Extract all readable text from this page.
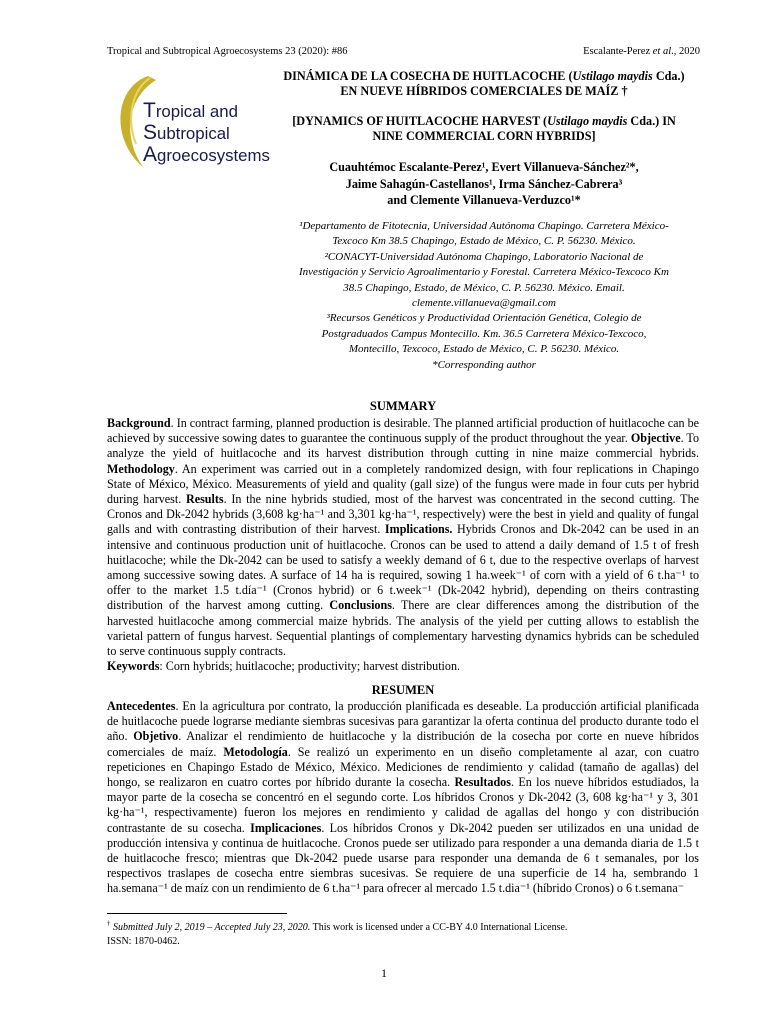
Tropical and Subtropical Agroecosystems 23 (2020): #86	Escalante-Perez et al., 2020
Tropical and
Subtropical
Agroecosystems

DINÁMICA DE LA COSECHA DE HUITLACOCHE (Ustilago maydis Cda.)
EN NUEVE HÍBRIDOS COMERCIALES DE MAÍZ †

[DYNAMICS OF HUITLACOCHE HARVEST (Ustilago maydis Cda.) IN
NINE COMMERCIAL CORN HYBRIDS]

Cuauhtémoc Escalante-Perez¹, Evert Villanueva-Sánchez²*,

Jaime Sahagún-Castellanos¹, Irma Sánchez-Cabrera³

and Clemente Villanueva-Verduzco¹*

¹Departamento de Fitotecnia, Universidad Autónoma Chapingo. Carretera México-

Texcoco Km 38.5 Chapingo, Estado de México, C. P. 56230. México.

²CONACYT-Universidad Autónoma Chapingo, Laboratorio Nacional de

Investigación y Servicio Agroalimentario y Forestal. Carretera México-Texcoco Km

38.5 Chapingo, Estado, de México, C. P. 56230. México. Email.

clemente.villanueva@gmail.com

³Recursos Genéticos y Productividad Orientación Genética, Colegio de

Postgraduados Campus Montecillo. Km. 36.5 Carretera México-Texcoco,

Montecillo, Texcoco, Estado de México, C. P. 56230. México.

*Corresponding author

SUMMARY

Background. In contract farming, planned production is desirable. The planned artificial production of huitlacoche can be achieved by successive sowing dates to guarantee the continuous supply of the product throughout the year. Objective. To analyze the yield of huitlacoche and its harvest distribution through cutting in nine maize commercial hybrids. Methodology. An experiment was carried out in a completely randomized design, with four replications in Chapingo State of México, México. Measurements of yield and quality (gall size) of the fungus were made in four cuts per hybrid during harvest. Results. In the nine hybrids studied, most of the harvest was concentrated in the second cutting. The Cronos and Dk-2042 hybrids (3,608 kg·ha⁻¹ and 3,301 kg·ha⁻¹, respectively) were the best in yield and quality of fungal galls and with contrasting distribution of their harvest. Implications. Hybrids Cronos and Dk-2042 can be used in an intensive and continuous production unit of huitlacoche. Cronos can be used to attend a daily demand of 1.5 t of fresh huitlacoche; while the Dk-2042 can be used to satisfy a weekly demand of 6 t, due to the respective overlaps of harvest among successive sowing dates. A surface of 14 ha is required, sowing 1 ha.week⁻¹ of corn with a yield of 6 t.ha⁻¹ to offer to the market 1.5 t.día⁻¹ (Cronos hybrid) or 6 t.week⁻¹ (Dk-2042 hybrid), depending on theirs contrasting distribution of the harvest among cutting. Conclusions. There are clear differences among the distribution of the harvested huitlacoche among commercial maize hybrids. The analysis of the yield per cutting allows to establish the varietal pattern of fungus harvest. Sequential plantings of complementary harvesting dynamics hybrids can be scheduled to serve continuous supply contracts.

Keywords: Corn hybrids; huitlacoche; productivity; harvest distribution.

RESUMEN

Antecedentes. En la agricultura por contrato, la producción planificada es deseable. La producción artificial planificada de huitlacoche puede lograrse mediante siembras sucesivas para garantizar la oferta continua del producto durante todo el año. Objetivo. Analizar el rendimiento de huitlacoche y la distribución de la cosecha por corte en nueve híbridos comerciales de maíz. Metodología. Se realizó un experimento en un diseño completamente al azar, con cuatro repeticiones en Chapingo Estado de México, México. Mediciones de rendimiento y calidad (tamaño de agallas) del hongo, se realizaron en cuatro cortes por híbrido durante la cosecha. Resultados. En los nueve híbridos estudiados, la mayor parte de la cosecha se concentró en el segundo corte. Los híbridos Cronos y Dk-2042 (3, 608 kg·ha⁻¹ y 3, 301 kg·ha⁻¹, respectivamente) fueron los mejores en rendimiento y calidad de agallas del hongo y con distribución contrastante de su cosecha. Implicaciones. Los híbridos Cronos y Dk-2042 pueden ser utilizados en una unidad de producción intensiva y continua de huitlacoche. Cronos puede ser utilizado para responder a una demanda diaria de 1.5 t de huitlacoche fresco; mientras que Dk-2042 puede usarse para responder una demanda de 6 t semanales, por los respectivos traslapes de cosecha entre siembras sucesivas. Se requiere de una superficie de 14 ha, sembrando 1 ha.semana⁻¹ de maíz con un rendimiento de 6 t.ha⁻¹ para ofrecer al mercado 1.5 t.dia⁻¹ (híbrido Cronos) o 6 t.semana⁻

† Submitted July 2, 2019 – Accepted July 23, 2020. This work is licensed under a CC-BY 4.0 International License.

ISSN: 1870-0462.

1
